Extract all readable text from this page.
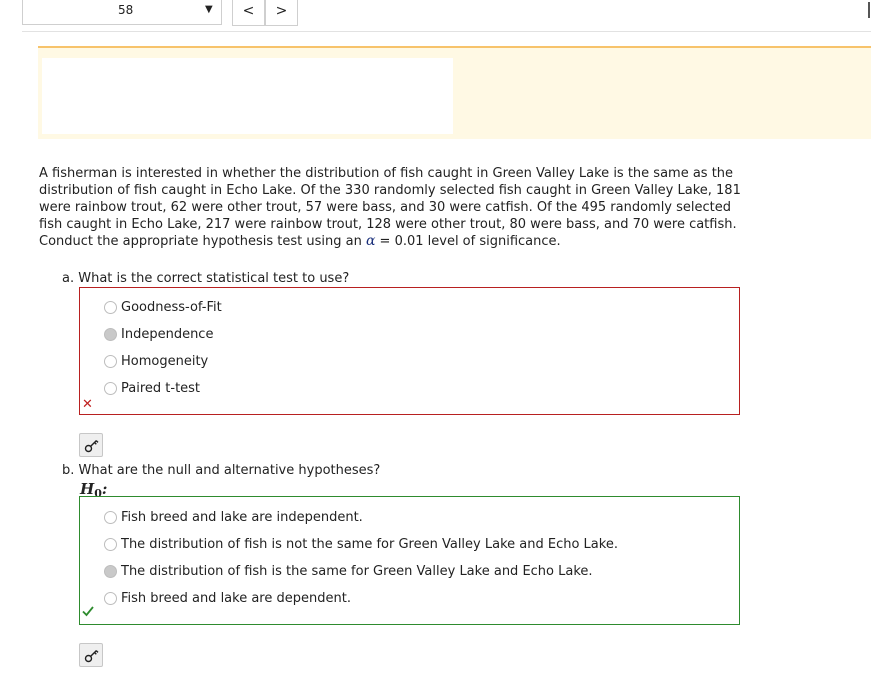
58	▼	<	>
A fisherman is interested in whether the distribution of fish caught in Green Valley Lake is the same as the distribution of fish caught in Echo Lake. Of the 330 randomly selected fish caught in Green Valley Lake, 181 were rainbow trout, 62 were other trout, 57 were bass, and 30 were catfish. Of the 495 randomly selected fish caught in Echo Lake, 217 were rainbow trout, 128 were other trout, 80 were bass, and 70 were catfish. Conduct the appropriate hypothesis test using an α = 0.01 level of significance.
a. What is the correct statistical test to use?
Goodness-of-Fit
Independence
Homogeneity
Paired t-test
✕
b. What are the null and alternative hypotheses?
$H_0$:
Fish breed and lake are independent.
The distribution of fish is not the same for Green Valley Lake and Echo Lake.
The distribution of fish is the same for Green Valley Lake and Echo Lake.
Fish breed and lake are dependent.
